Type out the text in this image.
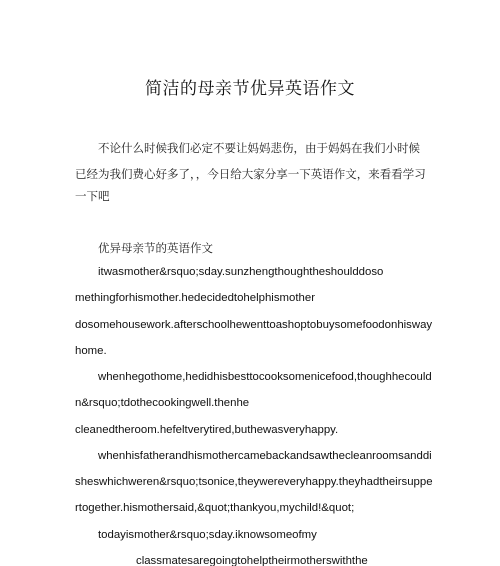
简洁的母亲节优异英语作文
不论什么时候我们必定不要让妈妈悲伤，由于妈妈在我们小时候
已经为我们费心好多了，，今日给大家分享一下英语作文，来看看学习
一下吧
优异母亲节的英语作文
itwasmother&rsquo;sday.sunzhengthoughtheshoulddoso
methingforhismother.hedecidedtohelphismother
dosomehousework.afterschoolhewenttoashoptobuysomefoodonhisway
home.
whenhegothome,hedidhisbesttocooksomenicefood,thoughhecould
n&rsquo;tdothecookingwell.thenhe
cleanedtheroom.hefeltverytired,buthewasveryhappy.
whenhisfatherandhismothercamebackandsawthecleanroomsanddi
sheswhichweren&rsquo;tsonice,theywereveryhappy.theyhadtheirsuppe
rtogether.hismothersaid,&quot;thankyou,mychild!&quot;
todayismother&rsquo;sday.iknowsomeofmy
classmatesaregoingtohelptheirmotherswiththe
